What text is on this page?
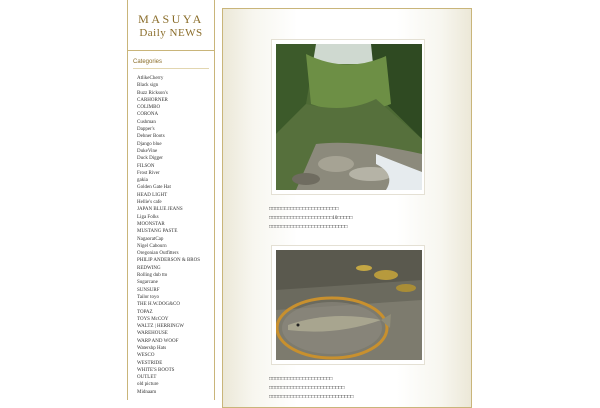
MASUYA
Daily NEWS
Categories
AtlikeCherry
Black sign
Buzz Rickson's
CARHORNER
COLIMBO
CORONA
Cushman
Dapper's
Dehner Boots
Django blue
DukeVine
Duck Digger
FILSON
Frost River
gakia
Golden Gate Hat
HEAD LIGHT
Hellie's cafe
JAPAN BLUE JEANS
Liga Folks
MOONSTAR
MUSTANG PASTE
NagaoratCap
Nigel Cabourn
Oregonian Outfitters
PHILIP ANDERSON & BROS
REDWING
Rolling dub tto
Sugarcane
SUNSURF
Tailor toyo
THE H.W.DOG&CO
TOPAZ
TOYS McCOY
WALTZ | HERRINGW
WAREHOUSE
WARP AND WOOF
Watershp Hats
WESCO
WESTRIDE
WHITE'S BOOTS
OUTLET
old picture
Midnaam

□□□□□□□□□□□□□□□□□□□□□□□

□□□□□□□□□□□□□□□□□□□□□10□□□□□

□□□□□□□□□□□□□□□□□□□□□□□□□□

□□□□□□□□□□□□□□□□□□□□□

□□□□□□□□□□□□□□□□□□□□□□□□□

□□□□□□□□□□□□□□□□□□□□□□□□□□□□
